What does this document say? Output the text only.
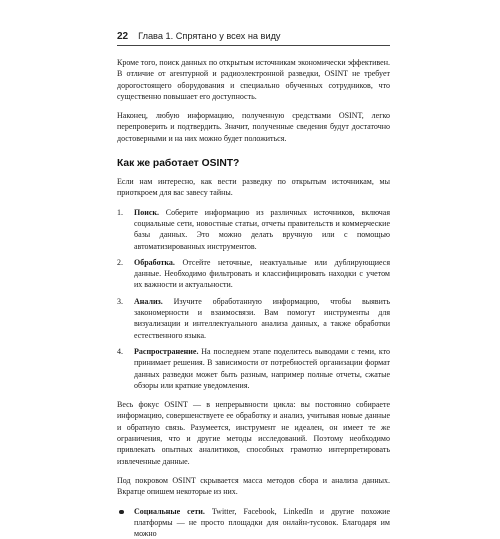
22 Глава 1. Спрятано у всех на виду

Кроме того, поиск данных по открытым источникам экономически эффективен. В отличие от агентурной и радиоэлектронной разведки, OSINT не требует дорогостоящего оборудования и специально обученных сотрудников, что существенно повышает его доступность.

Наконец, любую информацию, полученную средствами OSINT, легко перепроверить и подтвердить. Значит, полученные сведения будут достаточно достоверными и на них можно будет положиться.

Как же работает OSINT?

Если нам интересно, как вести разведку по открытым источникам, мы приоткроем для вас завесу тайны.

1. Поиск. Соберите информацию из различных источников, включая социальные сети, новостные статьи, отчеты правительств и коммерческие базы данных. Это можно делать вручную или с помощью автоматизированных инструментов.
2. Обработка. Отсейте неточные, неактуальные или дублирующиеся данные. Необходимо фильтровать и классифицировать находки с учетом их важности и актуальности.
3. Анализ. Изучите обработанную информацию, чтобы выявить закономерности и взаимосвязи. Вам помогут инструменты для визуализации и интеллектуального анализа данных, а также обработки естественного языка.
4. Распространение. На последнем этапе поделитесь выводами с теми, кто принимает решения. В зависимости от потребностей организации формат данных разведки может быть разным, например полные отчеты, сжатые обзоры или краткие уведомления.

Весь фокус OSINT — в непрерывности цикла: вы постоянно собираете информацию, совершенствуете ее обработку и анализ, учитывая новые данные и обратную связь. Разумеется, инструмент не идеален, он имеет те же ограничения, что и другие методы исследований. Поэтому необходимо привлекать опытных аналитиков, способных грамотно интерпретировать извлеченные данные.

Под покровом OSINT скрывается масса методов сбора и анализа данных. Вкратце опишем некоторые из них.

Социальные сети. Twitter, Facebook, LinkedIn и другие похожие платформы — не просто площадки для онлайн-тусовок. Благодаря им можно
